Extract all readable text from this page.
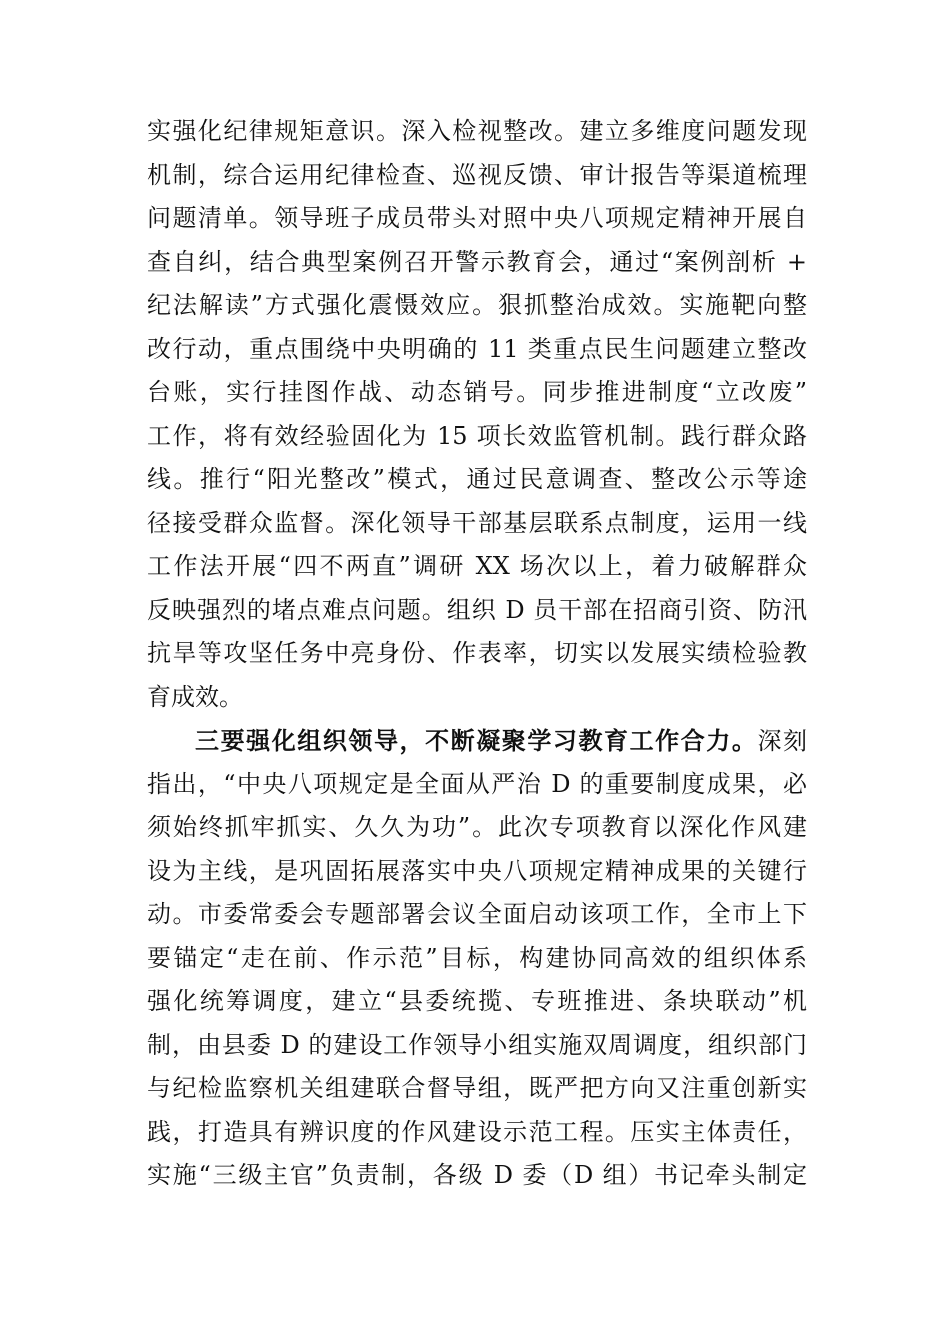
实强化纪律规矩意识。深入检视整改。建立多维度问题发现
机制，综合运用纪律检查、巡视反馈、审计报告等渠道梳理
问题清单。领导班子成员带头对照中央八项规定精神开展自
查自纠，结合典型案例召开警示教育会，通过“案例剖析 +
纪法解读”方式强化震慑效应。狠抓整治成效。实施靶向整
改行动，重点围绕中央明确的 11 类重点民生问题建立整改
台账，实行挂图作战、动态销号。同步推进制度“立改废”
工作，将有效经验固化为 15 项长效监管机制。践行群众路
线。推行“阳光整改”模式，通过民意调查、整改公示等途
径接受群众监督。深化领导干部基层联系点制度，运用一线
工作法开展“四不两直”调研 XX 场次以上，着力破解群众
反映强烈的堵点难点问题。组织 D 员干部在招商引资、防汛
抗旱等攻坚任务中亮身份、作表率，切实以发展实绩检验教
育成效。
三要强化组织领导，不断凝聚学习教育工作合力。深刻
指出，“中央八项规定是全面从严治 D 的重要制度成果，必
须始终抓牢抓实、久久为功”。此次专项教育以深化作风建
设为主线，是巩固拓展落实中央八项规定精神成果的关键行
动。市委常委会专题部署会议全面启动该项工作，全市上下
要锚定“走在前、作示范”目标，构建协同高效的组织体系
强化统筹调度，建立“县委统揽、专班推进、条块联动”机
制，由县委 D 的建设工作领导小组实施双周调度，组织部门
与纪检监察机关组建联合督导组，既严把方向又注重创新实
践，打造具有辨识度的作风建设示范工程。压实主体责任，
实施“三级主官”负责制，各级 D 委（D 组）书记牵头制定
